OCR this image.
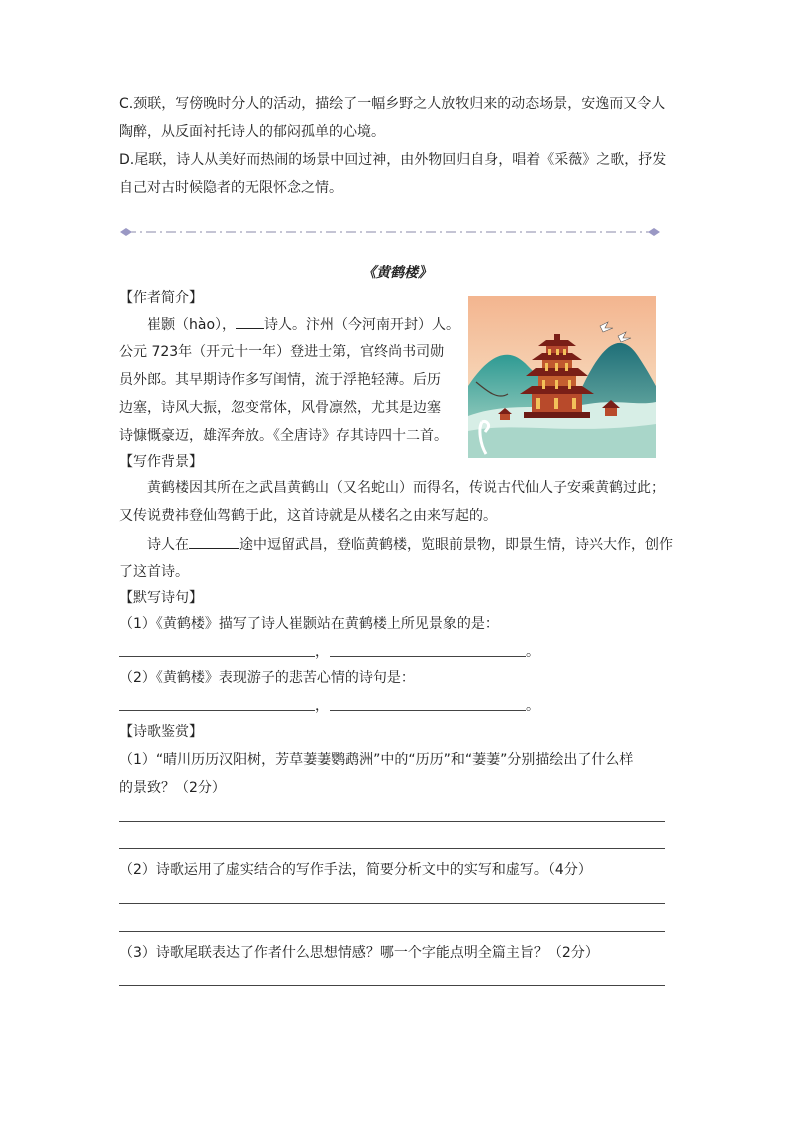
C.颈联，写傍晚时分人的活动，描绘了一幅乡野之人放牧归来的动态场景，安逸而又令人
陶醉，从反面衬托诗人的郁闷孤单的心境。
D.尾联，诗人从美好而热闹的场景中回过神，由外物回归自身，唱着《采薇》之歌，抒发
自己对古时候隐者的无限怀念之情。
《黄鹤楼》
【作者简介】
崔颢（hào）， 诗人。汴州（今河南开封）人。
公元 723年（开元十一年）登进士第，官终尚书司勋
员外郎。其早期诗作多写闺情，流于浮艳轻薄。后历
边塞，诗风大振，忽变常体，风骨凛然，尤其是边塞
诗慷慨豪迈，雄浑奔放。《全唐诗》存其诗四十二首。
【写作背景】
黄鹤楼因其所在之武昌黄鹤山（又名蛇山）而得名，传说古代仙人子安乘黄鹤过此；
又传说费祎登仙驾鹤于此，这首诗就是从楼名之由来写起的。
诗人在	途中逗留武昌，登临黄鹤楼，览眼前景物，即景生情，诗兴大作，创作
了这首诗。
【默写诗句】
（1）《黄鹤楼》描写了诗人崔颢站在黄鹤楼上所见景象的是：
，	。
（2）《黄鹤楼》表现游子的悲苦心情的诗句是：
，	。
【诗歌鉴赏】
（1）“晴川历历汉阳树，芳草萋萋鹦鹉洲”中的“历历”和“萋萋”分别描绘出了什么样
的景致？（2分）
（2）诗歌运用了虚实结合的写作手法，简要分析文中的实写和虚写。（4分）
（3）诗歌尾联表达了作者什么思想情感？哪一个字能点明全篇主旨？（2分）
